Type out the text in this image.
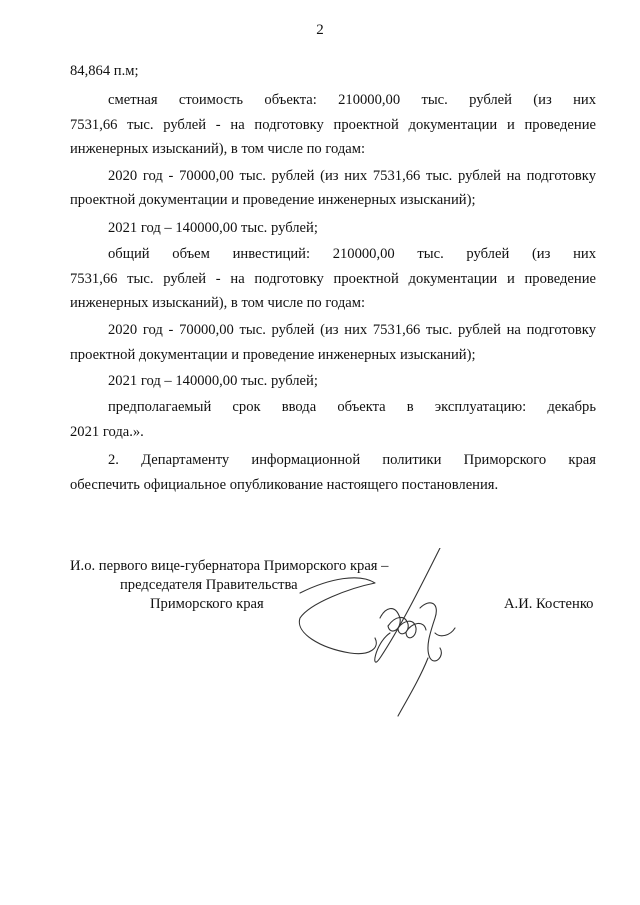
2
84,864 п.м;
сметная стоимость объекта: 210000,00 тыс. рублей (из них
7531,66 тыс. рублей - на подготовку проектной документации и проведение
инженерных изысканий), в том числе по годам:
2020 год - 70000,00 тыс. рублей (из них 7531,66 тыс. рублей на подготовку
проектной документации и проведение инженерных изысканий);
2021 год – 140000,00 тыс. рублей;
общий объем инвестиций: 210000,00 тыс. рублей (из них
7531,66 тыс. рублей - на подготовку проектной документации и проведение
инженерных изысканий), в том числе по годам:
2020 год - 70000,00 тыс. рублей (из них 7531,66 тыс. рублей на подготовку
проектной документации и проведение инженерных изысканий);
2021 год – 140000,00 тыс. рублей;
предполагаемый срок ввода объекта в эксплуатацию: декабрь
2021 года.».
2. Департаменту информационной политики Приморского края
обеспечить официальное опубликование настоящего постановления.
И.о. первого вице-губернатора Приморского края –
председателя Правительства
Приморского края	А.И. Костенко
